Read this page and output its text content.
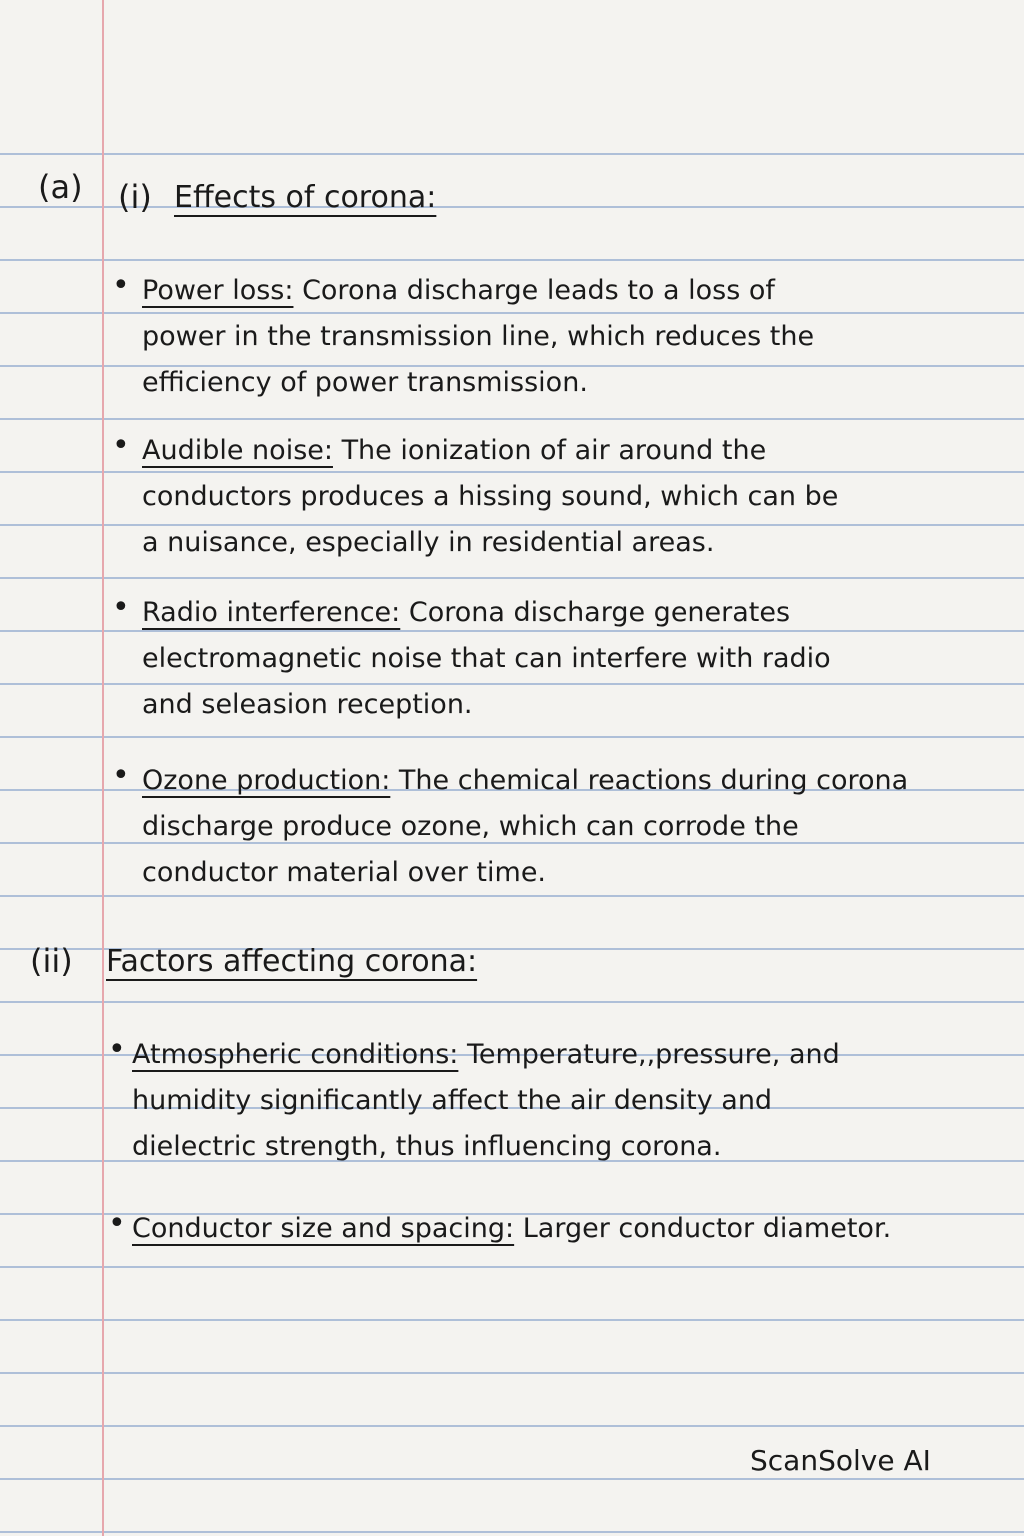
(a) (i) Effects of corona:
• Power loss: Corona discharge leads to a loss of
power in the transmission line, which reduces the
efficiency of power transmission.
• Audible noise: The ionization of air around the
conductors produces a hissing sound, which can be
a nuisance, especially in residential areas.
• Radio interference: Corona discharge generates
electromagnetic noise that can interfere with radio
and seleasion reception.
• Ozone production: The chemical reactions during corona
discharge produce ozone, which can corrode the
conductor material over time.
(ii) Factors affecting corona:
• Atmospheric conditions: Temperature,,pressure, and
humidity significantly affect the air density and
dielectric strength, thus influencing corona.
• Conductor size and spacing: Larger conductor diametor.
ScanSolve AI
